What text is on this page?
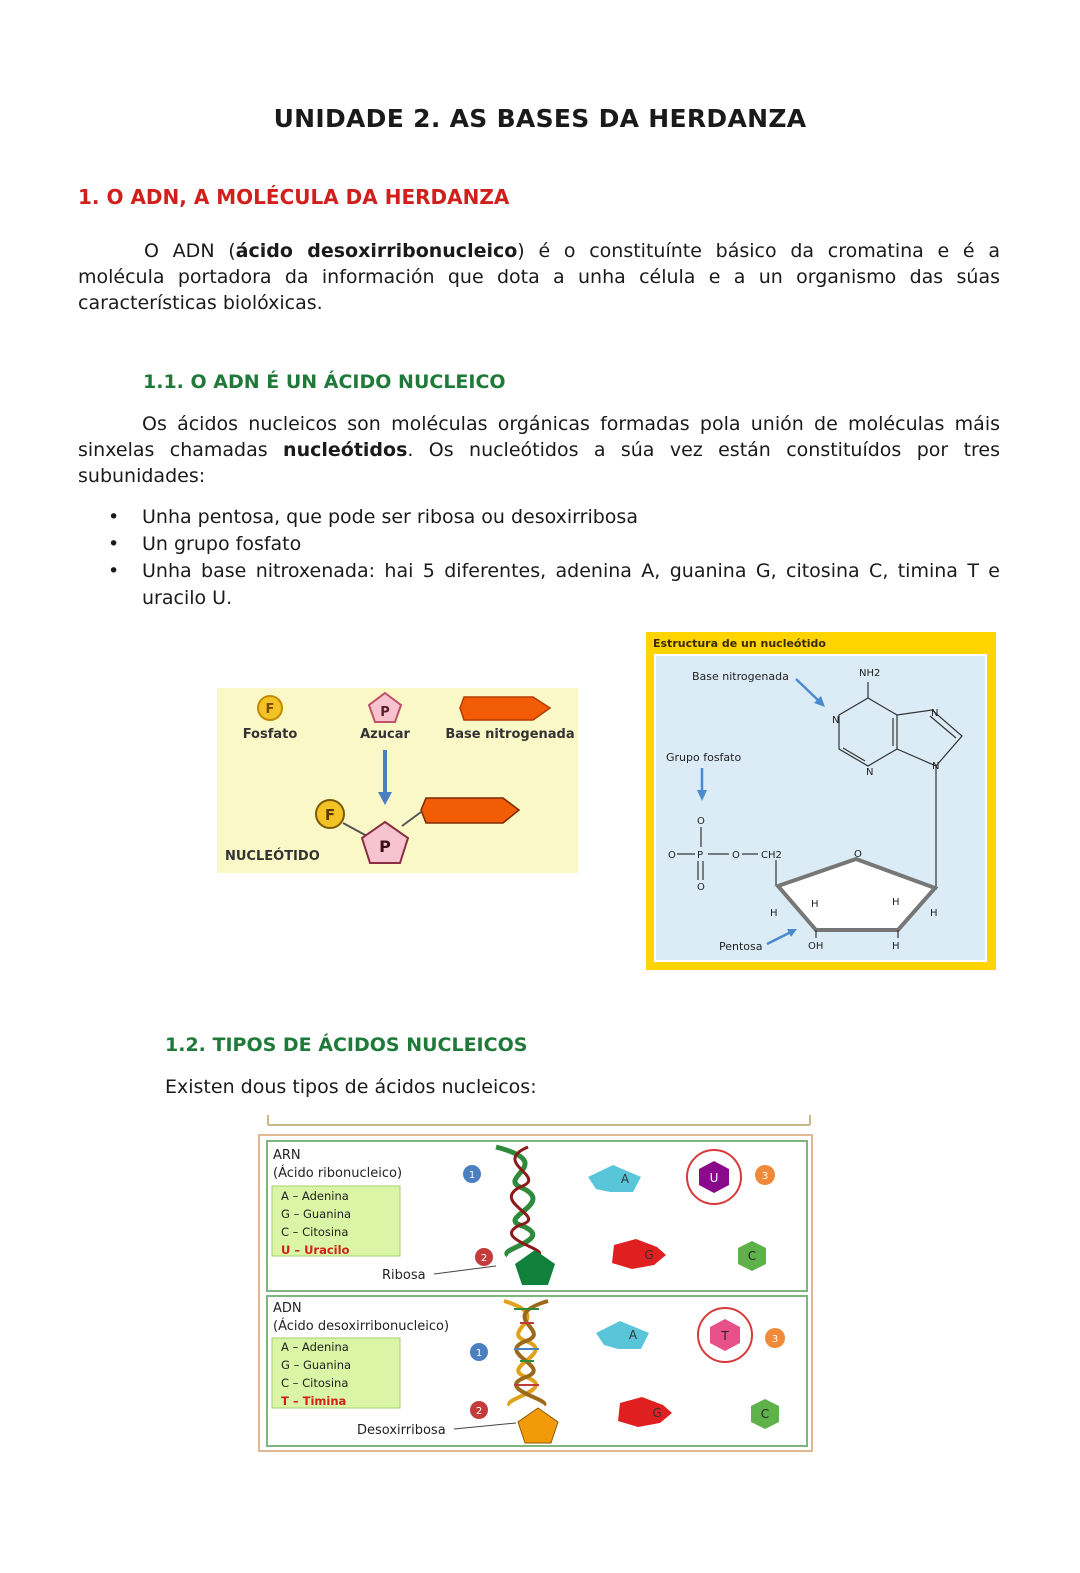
UNIDADE 2. AS BASES DA HERDANZA
1. O ADN, A MOLÉCULA DA HERDANZA
O ADN (ácido desoxirribonucleico) é o constituínte básico da cromatina e é a molécula portadora da información que dota a unha célula e a un organismo das súas características biolóxicas.
1.1. O ADN É UN ÁCIDO NUCLEICO
Os ácidos nucleicos son moléculas orgánicas formadas pola unión de moléculas máis sinxelas chamadas nucleótidos. Os nucleótidos a súa vez están constituídos por tres subunidades:
• Unha pentosa, que pode ser ribosa ou desoxirribosa
• Un grupo fosfato
• Unha base nitroxenada: hai 5 diferentes, adenina A, guanina G, citosina C, timina T e uracilo U.
F
Fosfato
P
Azucar	Base nitrogenada
F
P
NUCLEÓTIDO
Estructura de un nucleótido
Base nitrogenada
Grupo fosfato
Pentosa
NH2
N
N
N
N
O
O P	O
O
CH2	O
H
H	H
H
OH	H
1.2. TIPOS DE ÁCIDOS NUCLEICOS
Existen dous tipos de ácidos nucleicos:
ARN
(Ácido ribonucleico)
A – Adenina
G – Guanina
C – Citosina
U – Uracilo
Ribosa
1
2
A	U	3
G	C
ADN
(Ácido desoxirribonucleico)
A – Adenina
G – Guanina
C – Citosina
T – Timina
Desoxirribosa
1
2
A	T	3
G	C
